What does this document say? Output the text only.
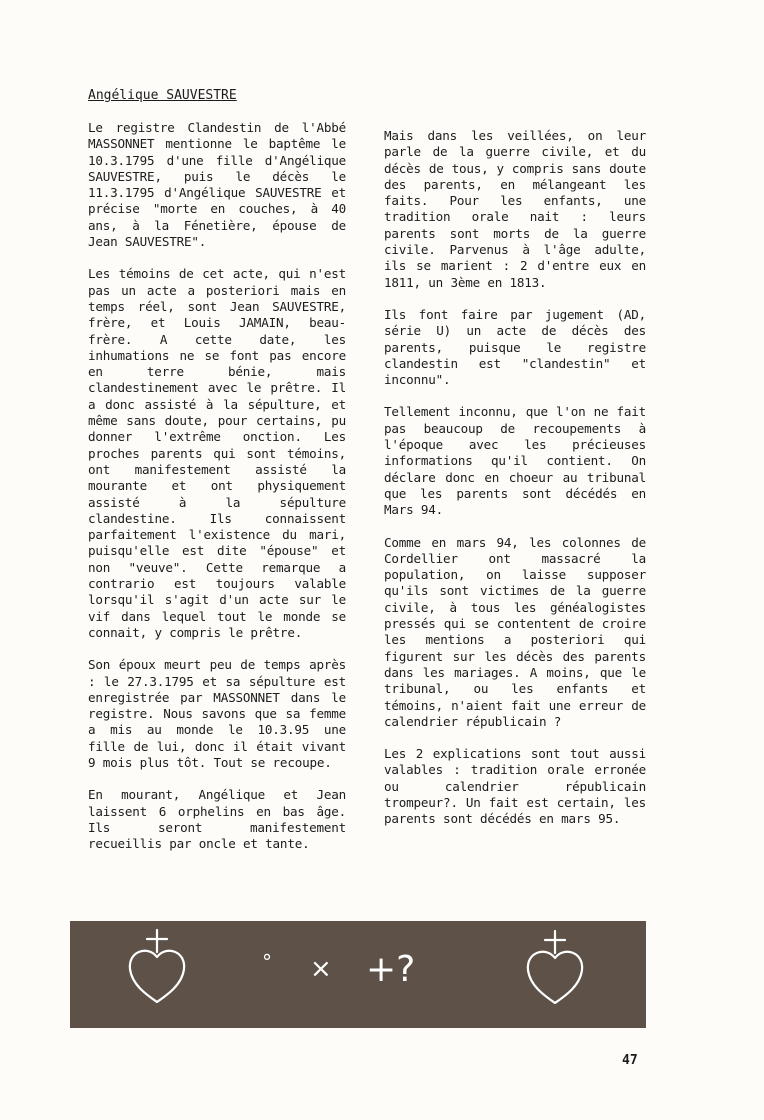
Angélique SAUVESTRE

Le registre Clandestin de l'Abbé MASSONNET mentionne le baptême le 10.3.1795 d'une fille d'Angélique SAUVESTRE, puis le décès le 11.3.1795 d'Angélique SAUVESTRE et précise "morte en couches, à 40 ans, à la Fénetière, épouse de Jean SAUVESTRE".

Les témoins de cet acte, qui n'est pas un acte a posteriori mais en temps réel, sont Jean SAUVESTRE, frère, et Louis JAMAIN, beau-frère. A cette date, les inhumations ne se font pas encore en terre bénie, mais clandestinement avec le prêtre. Il a donc assisté à la sépulture, et même sans doute, pour certains, pu donner l'extrême onction. Les proches parents qui sont témoins, ont manifestement assisté la mourante et ont physiquement assisté à la sépulture clandestine. Ils connaissent parfaitement l'existence du mari, puisqu'elle est dite "épouse" et non "veuve". Cette remarque a contrario est toujours valable lorsqu'il s'agit d'un acte sur le vif dans lequel tout le monde se connait, y compris le prêtre.

Son époux meurt peu de temps après : le 27.3.1795 et sa sépulture est enregistrée par MASSONNET dans le registre. Nous savons que sa femme a mis au monde le 10.3.95 une fille de lui, donc il était vivant 9 mois plus tôt. Tout se recoupe.

En mourant, Angélique et Jean laissent 6 orphelins en bas âge. Ils seront manifestement recueillis par oncle et tante.

Mais dans les veillées, on leur parle de la guerre civile, et du décès de tous, y compris sans doute des parents, en mélangeant les faits. Pour les enfants, une tradition orale nait : leurs parents sont morts de la guerre civile. Parvenus à l'âge adulte, ils se marient : 2 d'entre eux en 1811, un 3ème en 1813.

Ils font faire par jugement (AD, série U) un acte de décès des parents, puisque le registre clandestin est "clandestin" et inconnu".

Tellement inconnu, que l'on ne fait pas beaucoup de recoupements à l'époque avec les précieuses informations qu'il contient. On déclare donc en choeur au tribunal que les parents sont décédés en Mars 94.

Comme en mars 94, les colonnes de Cordellier ont massacré la population, on laisse supposer qu'ils sont victimes de la guerre civile, à tous les généalogistes pressés qui se contentent de croire les mentions a posteriori qui figurent sur les décès des parents dans les mariages. A moins, que le tribunal, ou les enfants et témoins, n'aient fait une erreur de calendrier républicain ?

Les 2 explications sont tout aussi valables : tradition orale erronée ou calendrier républicain trompeur?. Un fait est certain, les parents sont décédés en mars 95.

° × +?
47
